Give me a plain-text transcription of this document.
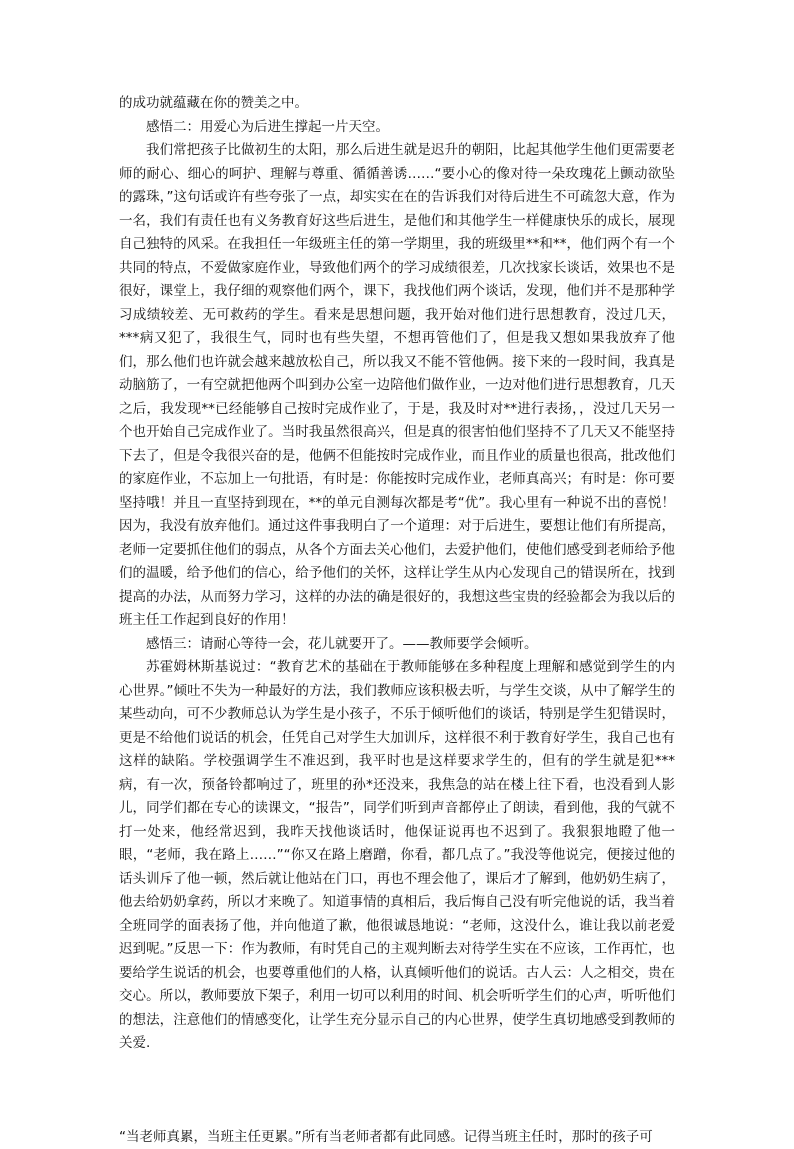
的成功就蕴藏在你的赞美之中。

感悟二：用爱心为后进生撑起一片天空。

我们常把孩子比做初生的太阳，那么后进生就是迟升的朝阳，比起其他学生他们更需要老师的耐心、细心的呵护、理解与尊重、循循善诱……“要小心的像对待一朵玫瑰花上颤动欲坠的露珠，”这句话或许有些夸张了一点，却实实在在的告诉我们对待后进生不可疏忽大意，作为一名，我们有责任也有义务教育好这些后进生，是他们和其他学生一样健康快乐的成长，展现自己独特的风采。在我担任一年级班主任的第一学期里，我的班级里**和**，他们两个有一个共同的特点，不爱做家庭作业，导致他们两个的学习成绩很差，几次找家长谈话，效果也不是很好，课堂上，我仔细的观察他们两个，课下，我找他们两个谈话，发现，他们并不是那种学习成绩较差、无可救药的学生。看来是思想问题，我开始对他们进行思想教育，没过几天，***病又犯了，我很生气，同时也有些失望，不想再管他们了，但是我又想如果我放弃了他们，那么他们也许就会越来越放松自己，所以我又不能不管他俩。接下来的一段时间，我真是动脑筋了，一有空就把他两个叫到办公室一边陪他们做作业，一边对他们进行思想教育，几天之后，我发现**已经能够自己按时完成作业了，于是，我及时对**进行表扬，，没过几天另一个也开始自己完成作业了。当时我虽然很高兴，但是真的很害怕他们坚持不了几天又不能坚持下去了，但是令我很兴奋的是，他俩不但能按时完成作业，而且作业的质量也很高，批改他们的家庭作业，不忘加上一句批语，有时是：你能按时完成作业，老师真高兴；有时是：你可要坚持哦！并且一直坚持到现在，**的单元自测每次都是考“优”。我心里有一种说不出的喜悦！因为，我没有放弃他们。通过这件事我明白了一个道理：对于后进生，要想让他们有所提高，老师一定要抓住他们的弱点，从各个方面去关心他们，去爱护他们，使他们感受到老师给予他们的温暖，给予他们的信心，给予他们的关怀，这样让学生从内心发现自己的错误所在，找到提高的办法，从而努力学习，这样的办法的确是很好的，我想这些宝贵的经验都会为我以后的班主任工作起到良好的作用！

感悟三：请耐心等待一会，花儿就要开了。——教师要学会倾听。

苏霍姆林斯基说过：“教育艺术的基础在于教师能够在多种程度上理解和感觉到学生的内心世界。”倾吐不失为一种最好的方法，我们教师应该积极去听，与学生交谈，从中了解学生的某些动向，可不少教师总认为学生是小孩子，不乐于倾听他们的谈话，特别是学生犯错误时，更是不给他们说话的机会，任凭自己对学生大加训斥，这样很不利于教育好学生，我自己也有这样的缺陷。学校强调学生不准迟到，我平时也是这样要求学生的，但有的学生就是犯***病，有一次，预备铃都响过了，班里的孙*还没来，我焦急的站在楼上往下看，也没看到人影儿，同学们都在专心的读课文，“报告”，同学们听到声音都停止了朗读，看到他，我的气就不打一处来，他经常迟到，我昨天找他谈话时，他保证说再也不迟到了。我狠狠地瞪了他一眼，“老师，我在路上……”“你又在路上磨蹭，你看，都几点了。”我没等他说完，便接过他的话头训斥了他一顿，然后就让他站在门口，再也不理会他了，课后才了解到，他奶奶生病了，他去给奶奶拿药，所以才来晚了。知道事情的真相后，我后悔自己没有听完他说的话，我当着全班同学的面表扬了他，并向他道了歉，他很诚恳地说：“老师，这没什么，谁让我以前老爱迟到呢。”反思一下：作为教师，有时凭自己的主观判断去对待学生实在不应该，工作再忙，也要给学生说话的机会，也要尊重他们的人格，认真倾听他们的说话。古人云：人之相交，贵在交心。所以，教师要放下架子，利用一切可以利用的时间、机会听听学生们的心声，听听他们的想法，注意他们的情感变化，让学生充分显示自己的内心世界，使学生真切地感受到教师的关爱.

“当老师真累，当班主任更累。”所有当老师者都有此同感。记得当班主任时，那时的孩子可
